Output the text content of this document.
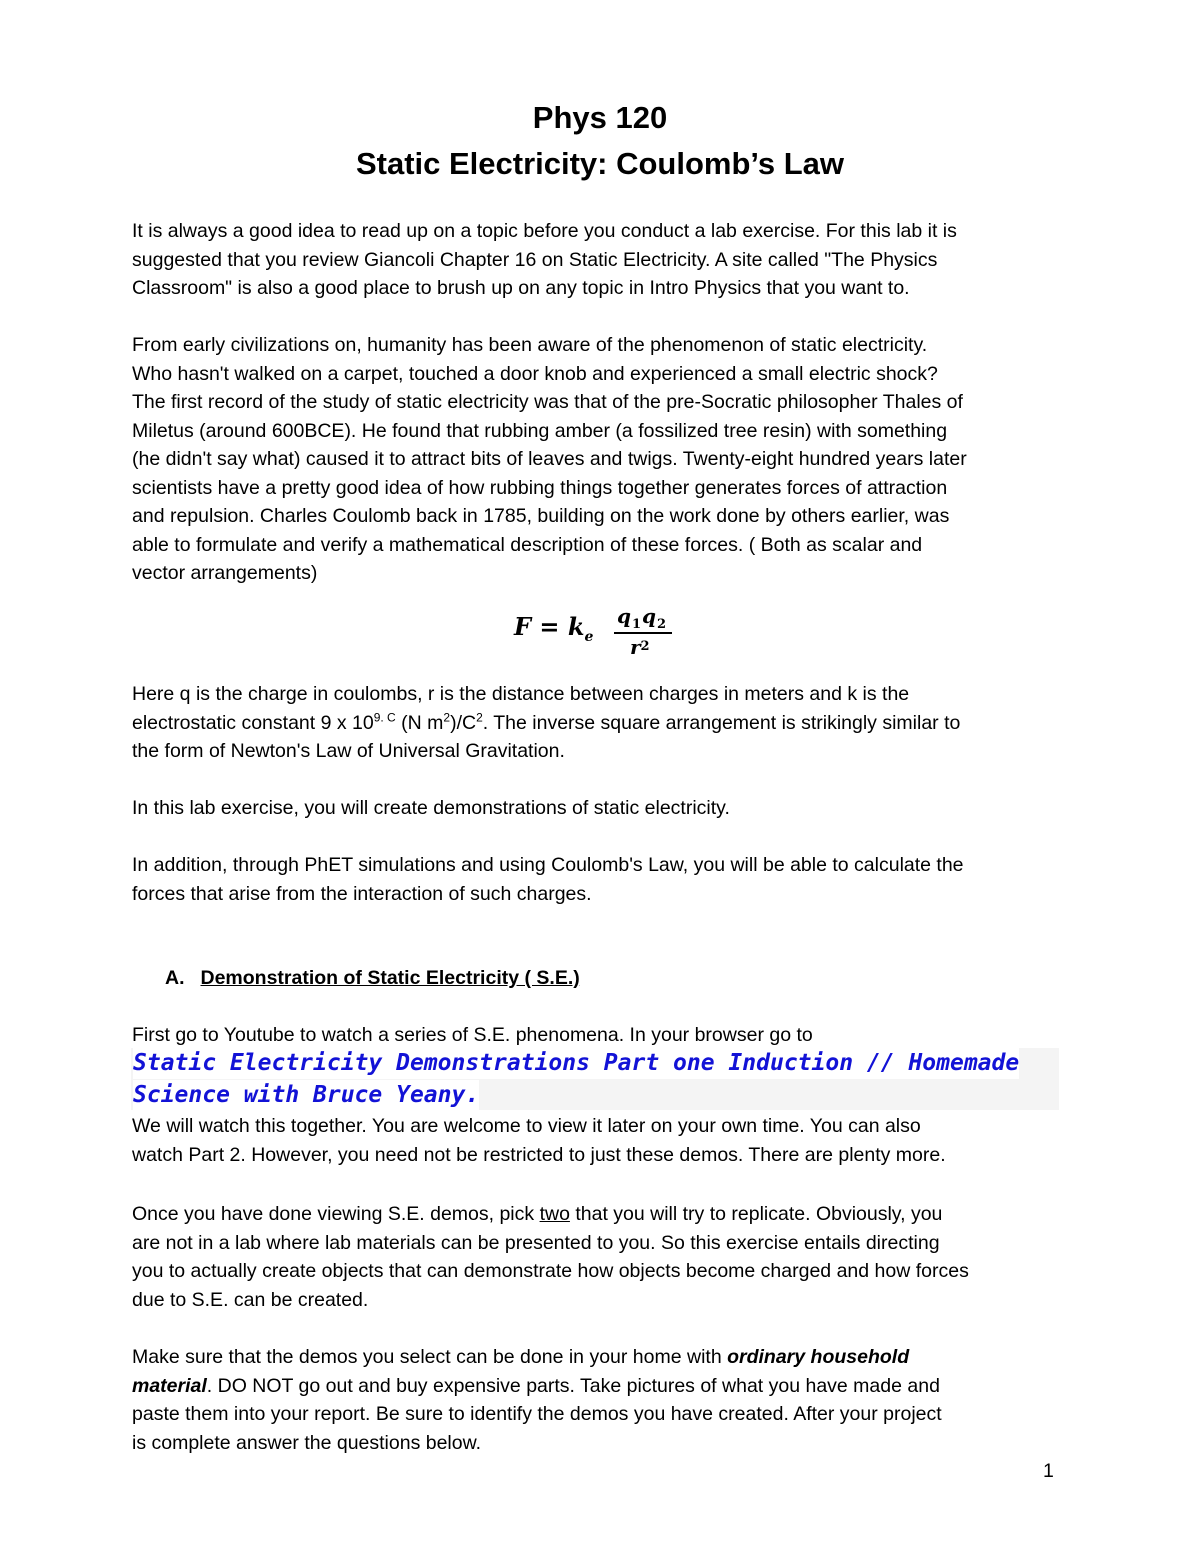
Phys 120
Static Electricity: Coulomb’s Law
It is always a good idea to read up on a topic before you conduct a lab exercise. For this lab it is
suggested that you review Giancoli Chapter 16 on Static Electricity. A site called "The Physics
Classroom" is also a good place to brush up on any topic in Intro Physics that you want to.
From early civilizations on, humanity has been aware of the phenomenon of static electricity.
Who hasn't walked on a carpet, touched a door knob and experienced a small electric shock?
The first record of the study of static electricity was that of the pre-Socratic philosopher Thales of
Miletus (around 600BCE). He found that rubbing amber (a fossilized tree resin) with something
(he didn't say what) caused it to attract bits of leaves and twigs. Twenty-eight hundred years later
scientists have a pretty good idea of how rubbing things together generates forces of attraction
and repulsion. Charles Coulomb back in 1785, building on the work done by others earlier, was
able to formulate and verify a mathematical description of these forces. ( Both as scalar and
vector arrangements)
$F = k_e$
$q_1q_2$
$r^2$
Here q is the charge in coulombs, r is the distance between charges in meters and k is the
electrostatic constant 9 x $10^{9. C}$ (N $m^2)/C^2$. The inverse square arrangement is strikingly similar to
the form of Newton's Law of Universal Gravitation.
In this lab exercise, you will create demonstrations of static electricity.
In addition, through PhET simulations and using Coulomb's Law, you will be able to calculate the
forces that arise from the interaction of such charges.
A. Demonstration of Static Electricity ( S.E.)
First go to Youtube to watch a series of S.E. phenomena. In your browser go to
Static Electricity Demonstrations Part one Induction // Homemade
Science with Bruce Yeany.
We will watch this together. You are welcome to view it later on your own time. You can also
watch Part 2. However, you need not be restricted to just these demos. There are plenty more.
Once you have done viewing S.E. demos, pick two that you will try to replicate. Obviously, you
are not in a lab where lab materials can be presented to you. So this exercise entails directing
you to actually create objects that can demonstrate how objects become charged and how forces
due to S.E. can be created.
Make sure that the demos you select can be done in your home with ordinary household
material. DO NOT go out and buy expensive parts. Take pictures of what you have made and
paste them into your report. Be sure to identify the demos you have created. After your project
is complete answer the questions below.
1
